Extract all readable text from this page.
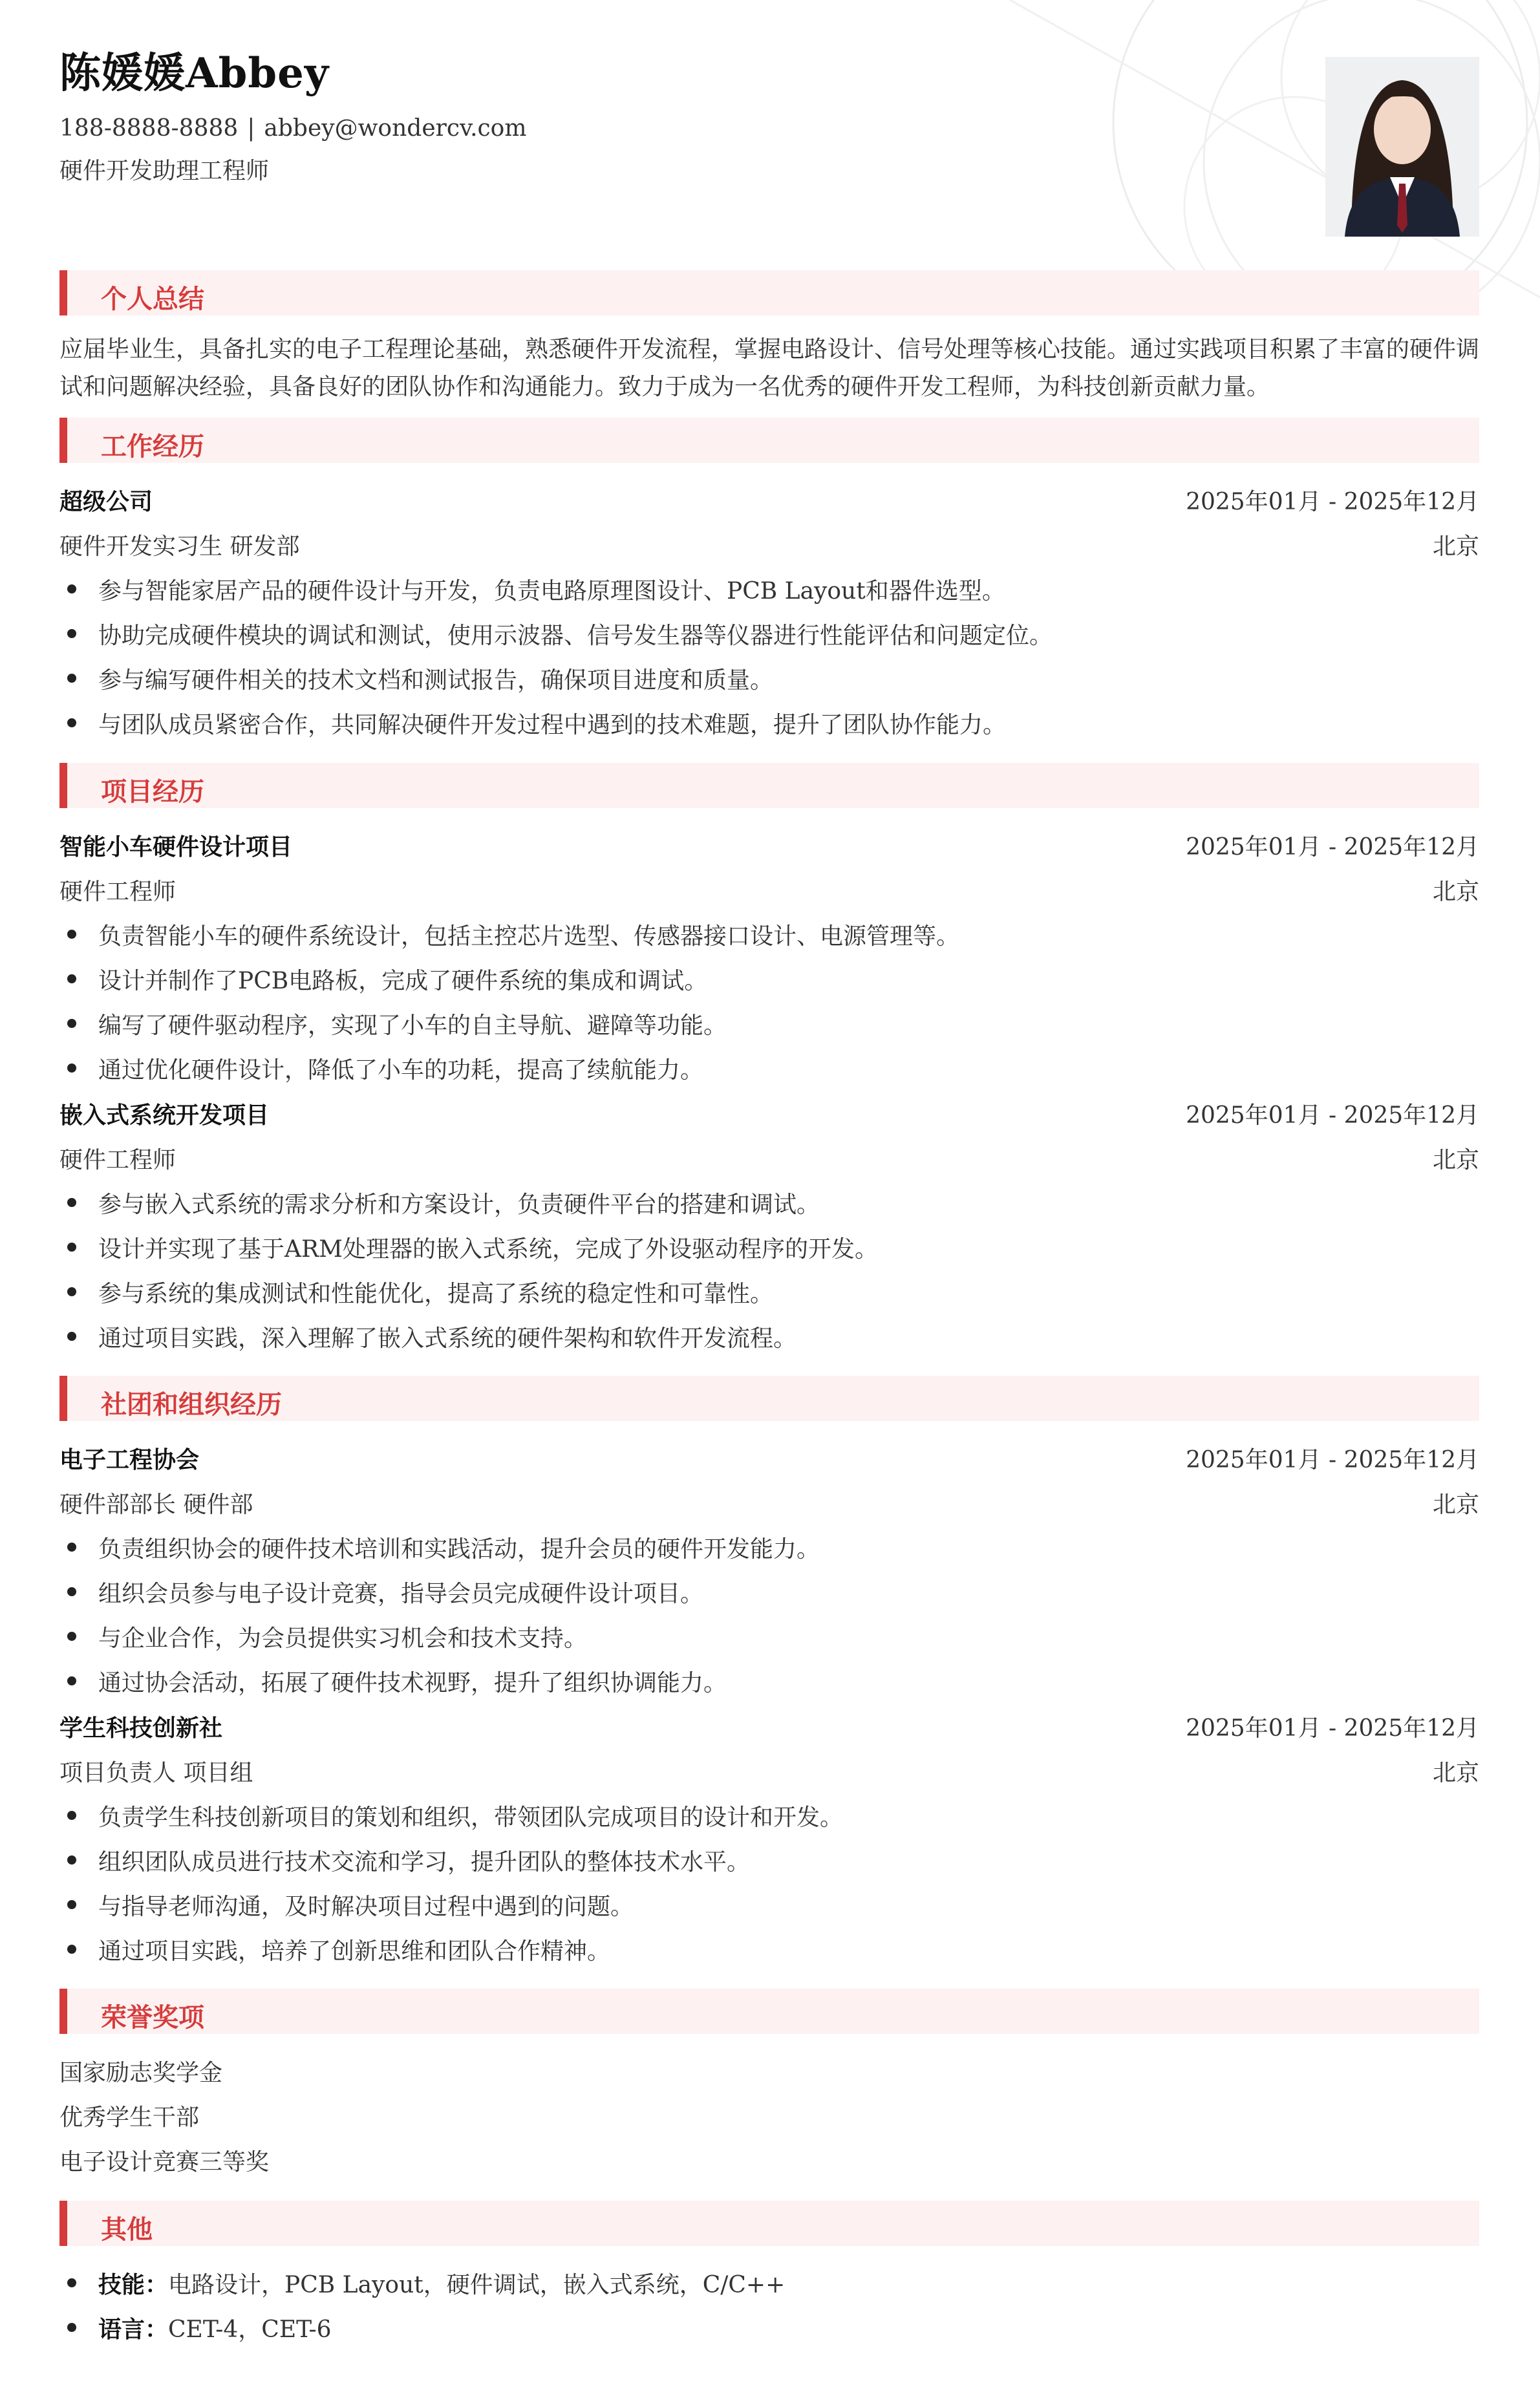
陈媛媛Abbey
188-8888-8888 | abbey@wondercv.com
硬件开发助理工程师
个人总结
应届毕业生，具备扎实的电子工程理论基础，熟悉硬件开发流程，掌握电路设计、信号处理等核心技能。通过实践项目积累了丰富的硬件调
试和问题解决经验，具备良好的团队协作和沟通能力。致力于成为一名优秀的硬件开发工程师，为科技创新贡献力量。
工作经历
超级公司	2025年01月 - 2025年12月
硬件开发实习生 研发部	北京
参与智能家居产品的硬件设计与开发，负责电路原理图设计、PCB Layout和器件选型。
协助完成硬件模块的调试和测试，使用示波器、信号发生器等仪器进行性能评估和问题定位。
参与编写硬件相关的技术文档和测试报告，确保项目进度和质量。
与团队成员紧密合作，共同解决硬件开发过程中遇到的技术难题，提升了团队协作能力。
项目经历
智能小车硬件设计项目	2025年01月 - 2025年12月
硬件工程师	北京
负责智能小车的硬件系统设计，包括主控芯片选型、传感器接口设计、电源管理等。
设计并制作了PCB电路板，完成了硬件系统的集成和调试。
编写了硬件驱动程序，实现了小车的自主导航、避障等功能。
通过优化硬件设计，降低了小车的功耗，提高了续航能力。
嵌入式系统开发项目	2025年01月 - 2025年12月
硬件工程师	北京
参与嵌入式系统的需求分析和方案设计，负责硬件平台的搭建和调试。
设计并实现了基于ARM处理器的嵌入式系统，完成了外设驱动程序的开发。
参与系统的集成测试和性能优化，提高了系统的稳定性和可靠性。
通过项目实践，深入理解了嵌入式系统的硬件架构和软件开发流程。
社团和组织经历
电子工程协会	2025年01月 - 2025年12月
硬件部部长 硬件部	北京
负责组织协会的硬件技术培训和实践活动，提升会员的硬件开发能力。
组织会员参与电子设计竞赛，指导会员完成硬件设计项目。
与企业合作，为会员提供实习机会和技术支持。
通过协会活动，拓展了硬件技术视野，提升了组织协调能力。
学生科技创新社	2025年01月 - 2025年12月
项目负责人 项目组	北京
负责学生科技创新项目的策划和组织，带领团队完成项目的设计和开发。
组织团队成员进行技术交流和学习，提升团队的整体技术水平。
与指导老师沟通，及时解决项目过程中遇到的问题。
通过项目实践，培养了创新思维和团队合作精神。
荣誉奖项
国家励志奖学金
优秀学生干部
电子设计竞赛三等奖
其他
技能：电路设计，PCB Layout，硬件调试，嵌入式系统，C/C++
语言：CET-4，CET-6
